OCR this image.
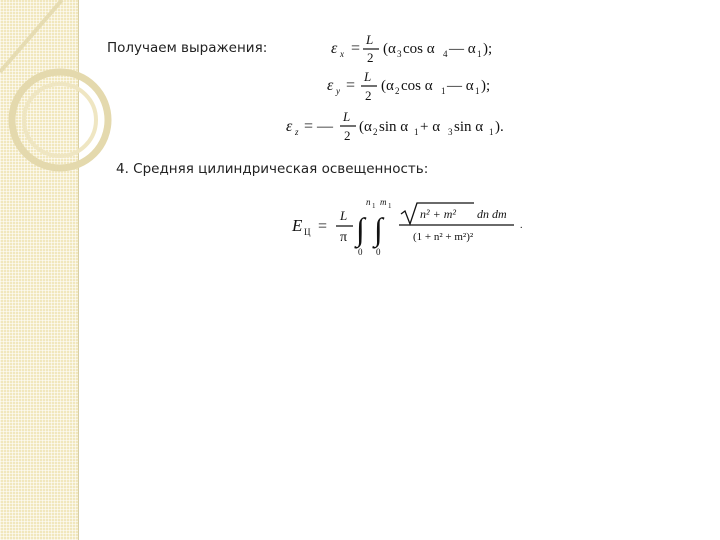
Получаем выражения:
4. Средняя цилиндрическая освещенность:
ε x =
L
2
(α 3 cos α 4 — α 1 );
ε y =
L
2
(α 2 cos α 1 — α 1 );
ε z = —
L
2
(α 2 sin α 1 + α 3 sin α 1 ).
E Ц =
L
π
n 1
∫
0
m 1
∫
0
n² + m² dn dm
(1 + n² + m²)²
.
